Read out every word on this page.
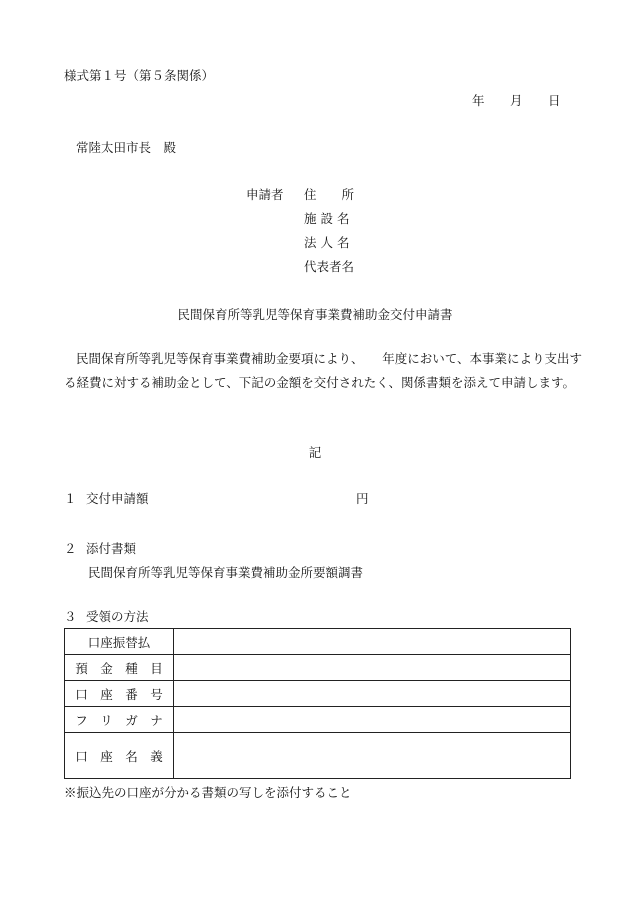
様式第１号（第５条関係）
年 月 日
常陸太田市長　殿
申請者 住　　所
施 設 名
法 人 名
代表者名
民間保育所等乳児等保育事業費補助金交付申請書
民間保育所等乳児等保育事業費補助金要項により、　　年度において、本事業により支出する経費に対する補助金として、下記の金額を交付されたく、関係書類を添えて申請します。
記
１ 交付申請額	円
２ 添付書類
民間保育所等乳児等保育事業費補助金所要額調書
３ 受領の方法
口座振替払	
預　金　種　目	
口　座　番　号	
フ　リ　ガ　ナ	
口　座　名　義	
※振込先の口座が分かる書類の写しを添付すること
